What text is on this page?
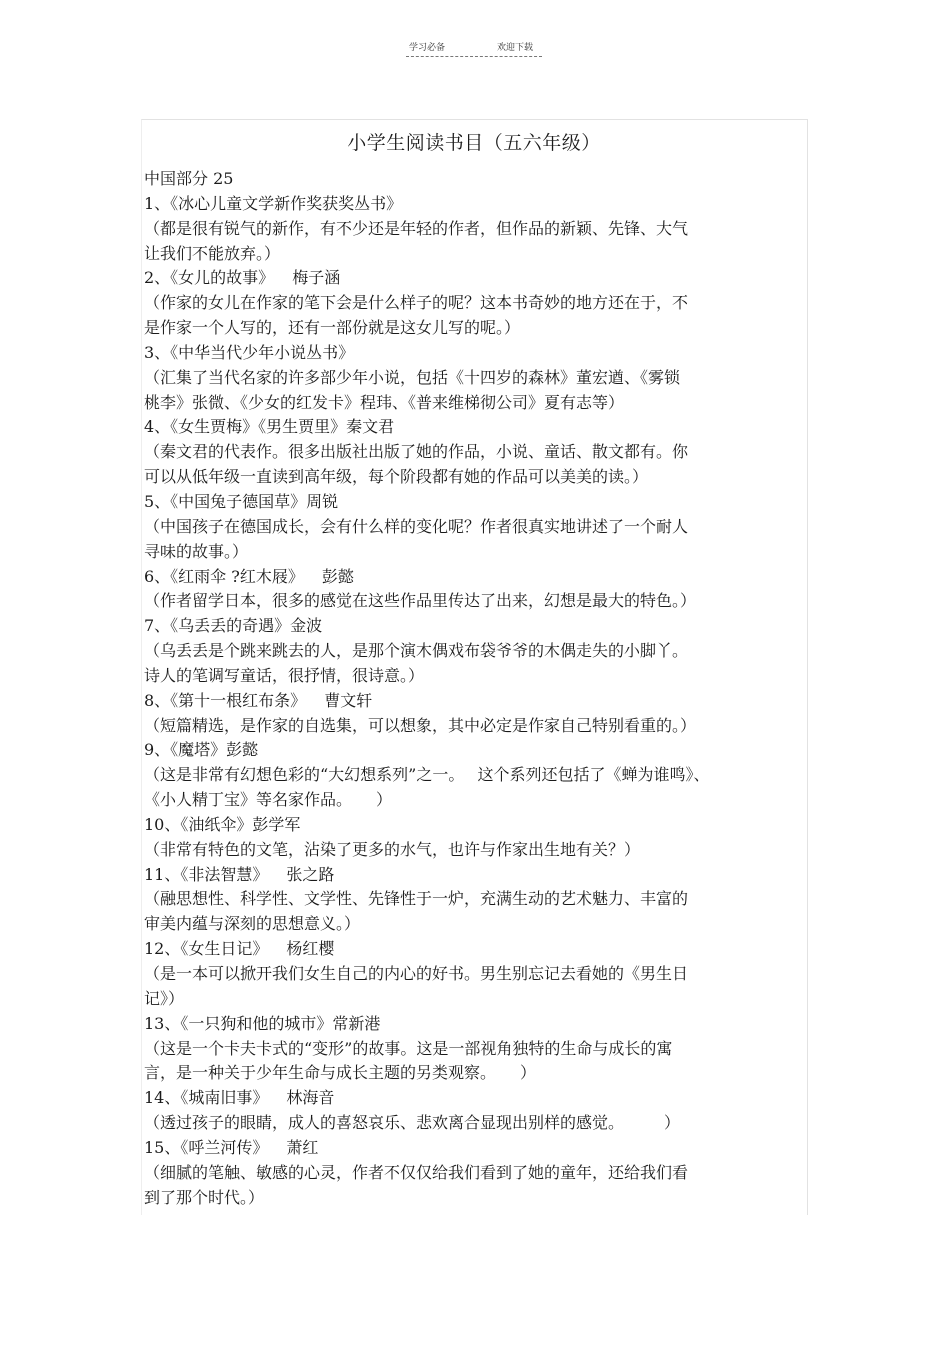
学习必备	欢迎下载
小学生阅读书目（五六年级）
中国部分 25
1、《冰心儿童文学新作奖获奖丛书》
（都是很有锐气的新作，有不少还是年轻的作者，但作品的新颖、先锋、大气
让我们不能放弃。）
2、《女儿的故事》 梅子涵
（作家的女儿在作家的笔下会是什么样子的呢？这本书奇妙的地方还在于，不
是作家一个人写的，还有一部份就是这女儿写的呢。）
3、《中华当代少年小说丛书》
（汇集了当代名家的许多部少年小说，包括《十四岁的森林》董宏遒、《雾锁
桃李》张微、《少女的红发卡》程玮、《普来维梯彻公司》夏有志等）
4、《女生贾梅》《男生贾里》秦文君
（秦文君的代表作。很多出版社出版了她的作品，小说、童话、散文都有。你
可以从低年级一直读到高年级，每个阶段都有她的作品可以美美的读。）
5、《中国兔子德国草》周锐
（中国孩子在德国成长，会有什么样的变化呢？作者很真实地讲述了一个耐人
寻味的故事。）
6、《红雨伞 ?红木屐》 彭懿
（作者留学日本，很多的感觉在这些作品里传达了出来，幻想是最大的特色。）
7、《乌丢丢的奇遇》金波
（乌丢丢是个跳来跳去的人，是那个演木偶戏布袋爷爷的木偶走失的小脚丫。
诗人的笔调写童话，很抒情，很诗意。）
8、《第十一根红布条》 曹文轩
（短篇精选，是作家的自选集，可以想象，其中必定是作家自己特别看重的。）
9、《魔塔》彭懿
（这是非常有幻想色彩的“大幻想系列”之一。　 这个系列还包括了《蝉为谁鸣》、
《小人精丁宝》等名家作品。　　）
10、《油纸伞》彭学军
（非常有特色的文笔，沾染了更多的水气，也许与作家出生地有关？）
11、《非法智慧》 张之路
（融思想性、科学性、文学性、先锋性于一炉，充满生动的艺术魅力、丰富的
审美内蕴与深刻的思想意义。）
12、《女生日记》 杨红樱
（是一本可以掀开我们女生自己的内心的好书。男生别忘记去看她的《男生日
记》）
13、《一只狗和他的城市》常新港
（这是一个卡夫卡式的“变形”的故事。这是一部视角独特的生命与成长的寓
言，是一种关于少年生命与成长主题的另类观察。　　）
14、《城南旧事》 林海音
（透过孩子的眼睛，成人的喜怒哀乐、悲欢离合显现出别样的感觉。　　　）
15、《呼兰河传》 萧红
（细腻的笔触、敏感的心灵，作者不仅仅给我们看到了她的童年，还给我们看
到了那个时代。）
